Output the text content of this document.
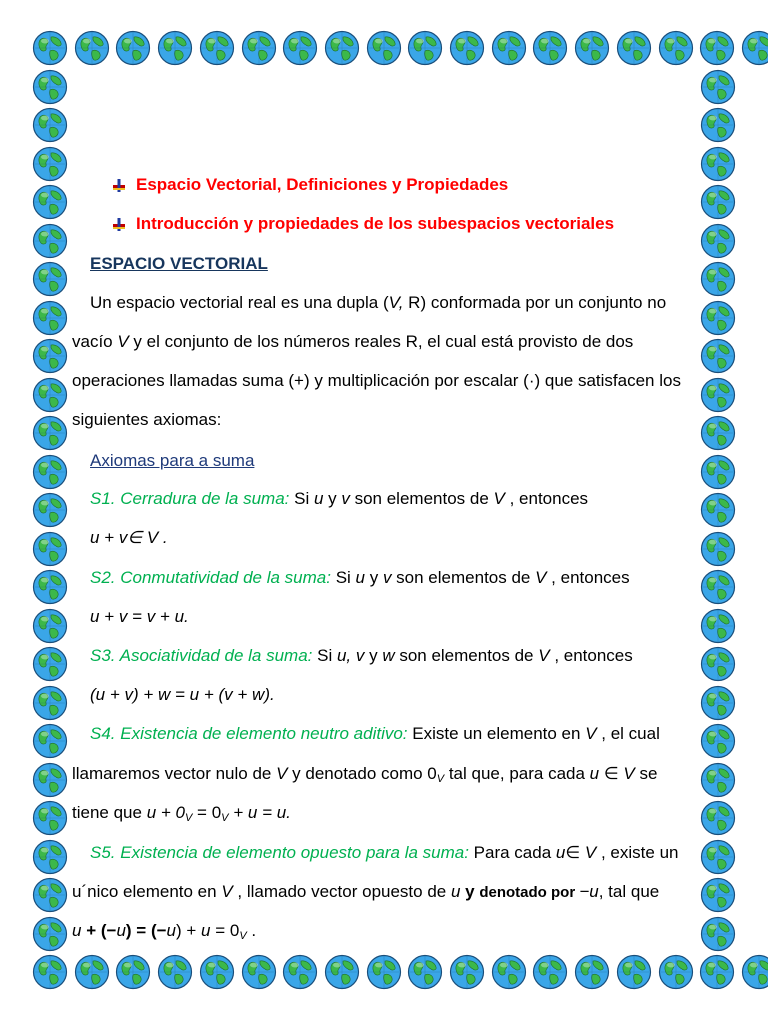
Espacio Vectorial, Definiciones y Propiedades
Introducción y propiedades de los subespacios vectoriales
ESPACIO VECTORIAL
Un espacio vectorial real es una dupla (V, R) conformada por un conjunto no
vacío V y el conjunto de los números reales R, el cual está provisto de dos
operaciones llamadas suma (+) y multiplicación por escalar (·) que satisfacen los
siguientes axiomas:
Axiomas para a suma
S1. Cerradura de la suma: Si u y v son elementos de V , entonces
u + v∈ V .
S2. Conmutatividad de la suma: Si u y v son elementos de V , entonces
u + v = v + u.
S3. Asociatividad de la suma: Si u, v y w son elementos de V , entonces
(u + v) + w = u + (v + w).
S4. Existencia de elemento neutro aditivo: Existe un elemento en V , el cual
llamaremos vector nulo de V y denotado como $0_V$ tal que, para cada u ∈ V se
tiene que $u + 0_V = 0_V + u = u$.
S5. Existencia de elemento opuesto para la suma: Para cada u∈ V , existe un
u´nico elemento en V , llamado vector opuesto de u y denotado por −u, tal que
$u + (-u) = (-u) + u = 0_V$ .
